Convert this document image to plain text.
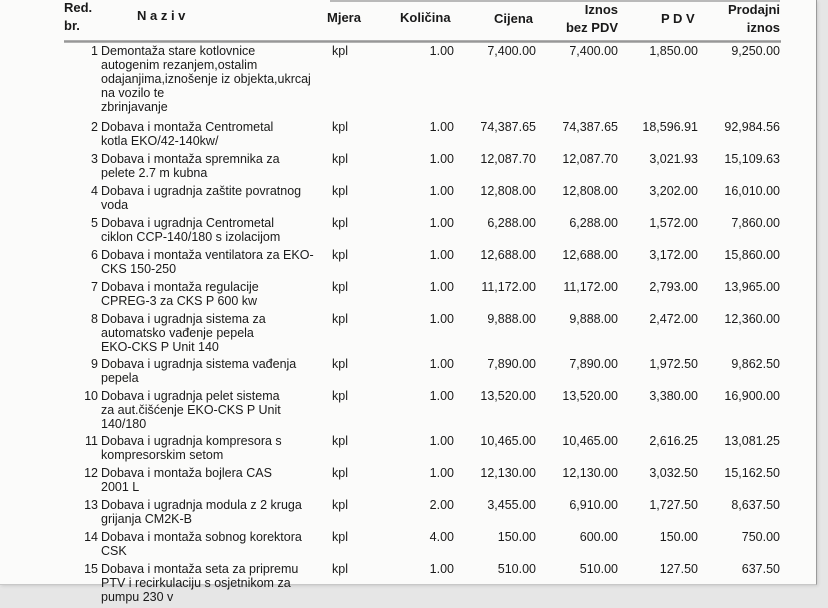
Red.
br.
N a z i v	Mjera	Količina	Cijena
Iznos
bez PDV
P D V
Prodajni
iznos
1 Demontaža stare kotlovnice
autogenim rezanjem,ostalim
odajanjima,iznošenje iz objekta,ukrcaj
na vozilo te
zbrinjavanje
kpl	1.00	7,400.00	7,400.00	1,850.00	9,250.00
2 Dobava i montaža Centrometal
kotla EKO/42-140kw/
kpl	1.00	74,387.65	74,387.65	18,596.91	92,984.56
3 Dobava i montaža spremnika za
pelete 2.7 m kubna
kpl	1.00	12,087.70	12,087.70	3,021.93	15,109.63
4 Dobava i ugradnja zaštite povratnog
voda
kpl	1.00	12,808.00	12,808.00	3,202.00	16,010.00
5 Dobava i ugradnja Centrometal
ciklon CCP-140/180 s izolacijom
kpl	1.00	6,288.00	6,288.00	1,572.00	7,860.00
6 Dobava i montaža ventilatora za EKO-
CKS 150-250
kpl	1.00	12,688.00	12,688.00	3,172.00	15,860.00
7 Dobava i montaža regulacije
CPREG-3 za CKS P 600 kw
kpl	1.00	11,172.00	11,172.00	2,793.00	13,965.00
8 Dobava i ugradnja sistema za
automatsko vađenje pepela
EKO-CKS P Unit 140
kpl	1.00	9,888.00	9,888.00	2,472.00	12,360.00
9 Dobava i ugradnja sistema vađenja
pepela
kpl	1.00	7,890.00	7,890.00	1,972.50	9,862.50
10 Dobava i ugradnja pelet sistema
za aut.čišćenje EKO-CKS P Unit
140/180
kpl	1.00	13,520.00	13,520.00	3,380.00	16,900.00
11 Dobava i ugradnja kompresora s
kompresorskim setom
kpl	1.00	10,465.00	10,465.00	2,616.25	13,081.25
12 Dobava i montaža bojlera CAS
2001 L
kpl	1.00	12,130.00	12,130.00	3,032.50	15,162.50
13 Dobava i ugradnja modula z 2 kruga
grijanja CM2K-B
kpl	2.00	3,455.00	6,910.00	1,727.50	8,637.50
14 Dobava i montaža sobnog korektora
CSK
kpl	4.00	150.00	600.00	150.00	750.00
15 Dobava i montaža seta za pripremu
PTV i recirkulaciju s osjetnikom za
pumpu 230 v
kpl	1.00	510.00	510.00	127.50	637.50
